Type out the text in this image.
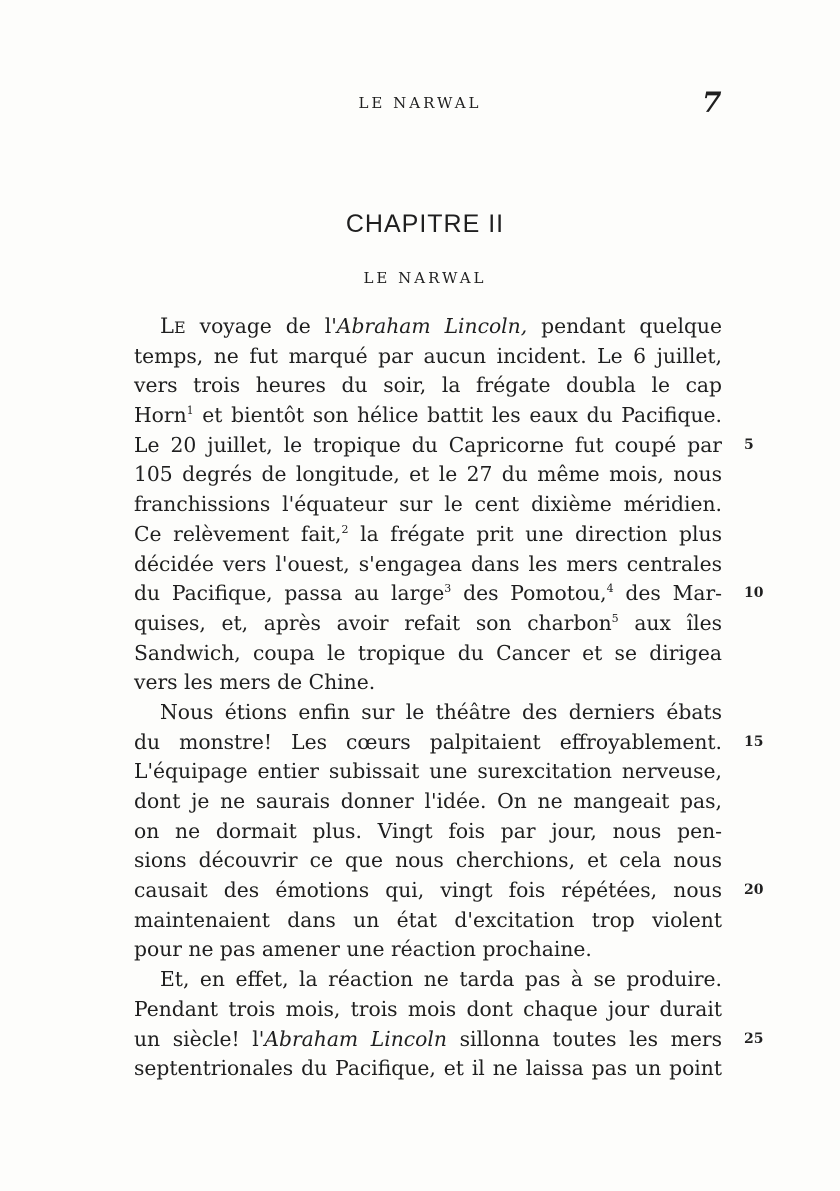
LE NARWAL	7
CHAPITRE II
LE NARWAL
LE voyage de l'Abraham Lincoln, pendant quelque
temps, ne fut marqué par aucun incident. Le 6 juillet,
vers trois heures du soir, la frégate doubla le cap
Horn$^1$ et bientôt son hélice battit les eaux du Pacifique.
Le 20 juillet, le tropique du Capricorne fut coupé par 5
105 degrés de longitude, et le 27 du même mois, nous
franchissions l'équateur sur le cent dixième méridien.
Ce relèvement fait,$^2$ la frégate prit une direction plus
décidée vers l'ouest, s'engagea dans les mers centrales
du Pacifique, passa au large$^3$ des Pomotou,$^4$ des Mar- 10
quises, et, après avoir refait son charbon$^5$ aux îles
Sandwich, coupa le tropique du Cancer et se dirigea
vers les mers de Chine.
Nous étions enfin sur le théâtre des derniers ébats
du monstre! Les cœurs palpitaient effroyablement. 15
L'équipage entier subissait une surexcitation nerveuse,
dont je ne saurais donner l'idée. On ne mangeait pas,
on ne dormait plus. Vingt fois par jour, nous pen-
sions découvrir ce que nous cherchions, et cela nous
causait des émotions qui, vingt fois répétées, nous 20
maintenaient dans un état d'excitation trop violent
pour ne pas amener une réaction prochaine.
Et, en effet, la réaction ne tarda pas à se produire.
Pendant trois mois, trois mois dont chaque jour durait
un siècle! l'Abraham Lincoln sillonna toutes les mers 25
septentrionales du Pacifique, et il ne laissa pas un point
